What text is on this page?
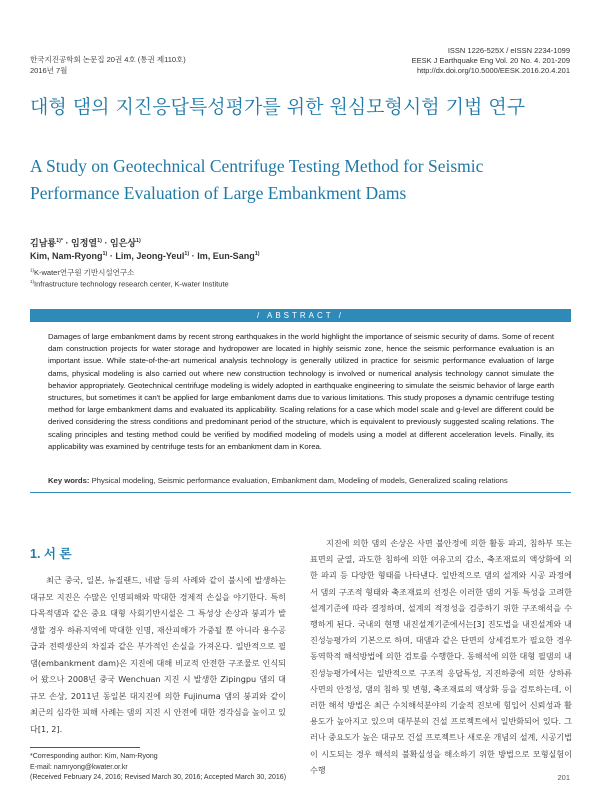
한국지진공학회 논문집 20권 4호 (통권 제110호)
2016년 7월
ISSN 1226-525X / eISSN 2234-1099
EESK J Earthquake Eng Vol. 20 No. 4. 201-209
http://dx.doi.org/10.5000/EESK.2016.20.4.201
대형 댐의 지진응답특성평가를 위한 원심모형시험 기법 연구
A Study on Geotechnical Centrifuge Testing Method for Seismic Performance Evaluation of Large Embankment Dams
김남룡$^{1)*}$ · 임정열$^{1)}$ · 임은상$^{1)}$
Kim, Nam-Ryong$^{1)}$ · Lim, Jeong-Yeul$^{1)}$ · Im, Eun-Sang$^{1)}$
$^{1)}$K-water연구원 기반시설연구소
$^{1)}$Infrastructure technology research center, K-water Institute
/ ABSTRACT /
Damages of large embankment dams by recent strong earthquakes in the world highlight the importance of seismic security of dams. Some of recent dam construction projects for water storage and hydropower are located in highly seismic zone, hence the seismic performance evaluation is an important issue. While state-of-the-art numerical analysis technology is generally utilized in practice for seismic performance evaluation of large dams, physical modeling is also carried out where new construction technology is involved or numerical analysis technology cannot simulate the behavior appropriately. Geotechnical centrifuge modeling is widely adopted in earthquake engineering to simulate the seismic behavior of large earth structures, but sometimes it can't be applied for large embankment dams due to various limitations. This study proposes a dynamic centrifuge testing method for large embankment dams and evaluated its applicability. Scaling relations for a case which model scale and g-level are different could be derived considering the stress conditions and predominant period of the structure, which is equivalent to previously suggested scaling relations. The scaling principles and testing method could be verified by modified modeling of models using a model at different acceleration levels. Finally, its applicability was examined by centrifuge tests for an embankment dam in Korea.
Key words: Physical modeling, Seismic performance evaluation, Embankment dam, Modeling of models, Generalized scaling relations
1. 서 론
최근 중국, 일본, 뉴질랜드, 네팔 등의 사례와 같이 불시에 발생하는 대규모 지진은 수많은 인명피해와 막대한 경제적 손실을 야기한다. 특히 다목적댐과 같은 중요 대형 사회기반시설은 그 특성상 손상과 붕괴가 발생할 경우 하류지역에 막대한 인명, 재산피해가 가중될 뿐 아니라 용수공급과 전력생산의 차질과 같은 부가적인 손실을 가져온다. 일반적으로 필댐(embankment dam)은 지진에 대해 비교적 안전한 구조물로 인식되어 왔으나 2008년 중국 Wenchuan 지진 시 발생한 Zipingpu 댐의 대규모 손상, 2011년 동일본 대지진에 의한 Fujinuma 댐의 붕괴와 같이 최근의 심각한 피해 사례는 댐의 지진 시 안전에 대한 경각심을 높이고 있다[1, 2].
지진에 의한 댐의 손상은 사면 불안정에 의한 활동 파괴, 침하부 또는 표면의 균열, 과도한 침하에 의한 여유고의 감소, 축조재료의 액상화에 의한 파괴 등 다양한 형태를 나타낸다. 일반적으로 댐의 설계와 시공 과정에서 댐의 구조적 형태와 축조재료의 선정은 이러한 댐의 거동 특성을 고려한 설계기준에 따라 결정하며, 설계의 적정성을 검증하기 위한 구조해석을 수행하게 된다. 국내의 현행 내진설계기준에서는[3] 진도법을 내진설계와 내진성능평가의 기본으로 하며, 대댐과 같은 단면의 상세검토가 필요한 경우 동역학적 해석방법에 의한 검토를 수행한다. 동해석에 의한 대형 필댐의 내진성능평가에서는 일반적으로 구조적 응답특성, 지진하중에 의한 상하류 사면의 안정성, 댐의 침하 및 변형, 축조재료의 액상화 등을 검토하는데, 이러한 해석 방법은 최근 수치해석분야의 기술적 진보에 힘입어 신뢰성과 활용도가 높아지고 있으며 대부분의 건설 프로젝트에서 일반화되어 있다. 그러나 중요도가 높은 대규모 건설 프로젝트나 새로운 개념의 설계, 시공기법이 시도되는 경우 해석의 불확실성을 해소하기 위한 방법으로 모형실험이 수행
*Corresponding author: Kim, Nam-Ryong
E-mail: namryong@kwater.or.kr
(Received February 24, 2016; Revised March 30, 2016; Accepted March 30, 2016)	201
